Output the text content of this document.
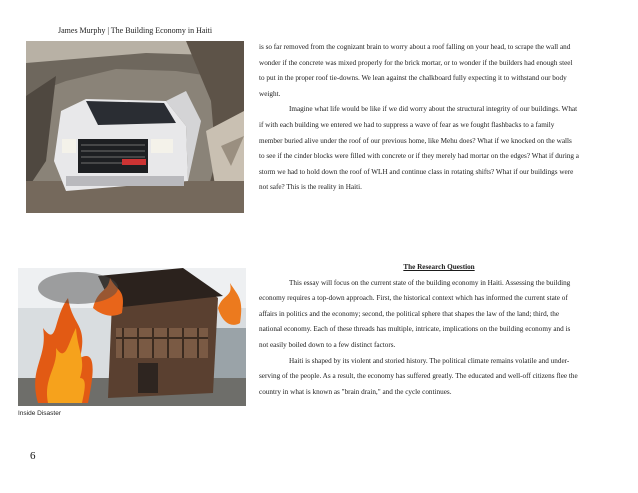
James Murphy | The Building Economy in Haiti
Inside Disaster

is so far removed from the cognizant brain to worry about a roof falling on your head, to scrape the wall and wonder if the concrete was mixed properly for the brick mortar, or to wonder if the builders had enough steel to put in the proper roof tie-downs. We lean against the chalkboard fully expecting it to withstand our body weight.

Imagine what life would be like if we did worry about the structural integrity of our buildings. What if with each building we entered we had to suppress a wave of fear as we fought flashbacks to a family member buried alive under the roof of our previous home, like Mehu does? What if we knocked on the walls to see if the cinder blocks were filled with concrete or if they merely had mortar on the edges? What if during a storm we had to hold down the roof of WLH and continue class in rotating shifts? What if our buildings were not safe? This is the reality in Haiti.

The Research Question

This essay will focus on the current state of the building economy in Haiti. Assessing the building economy requires a top-down approach. First, the historical context which has informed the current state of affairs in politics and the economy; second, the political sphere that shapes the law of the land; third, the national economy. Each of these threads has multiple, intricate, implications on the building economy and is not easily boiled down to a few distinct factors.

Haiti is shaped by its violent and storied history. The political climate remains volatile and under-serving of the people. As a result, the economy has suffered greatly. The educated and well-off citizens flee the country in what is known as "brain drain," and the cycle continues.

6
